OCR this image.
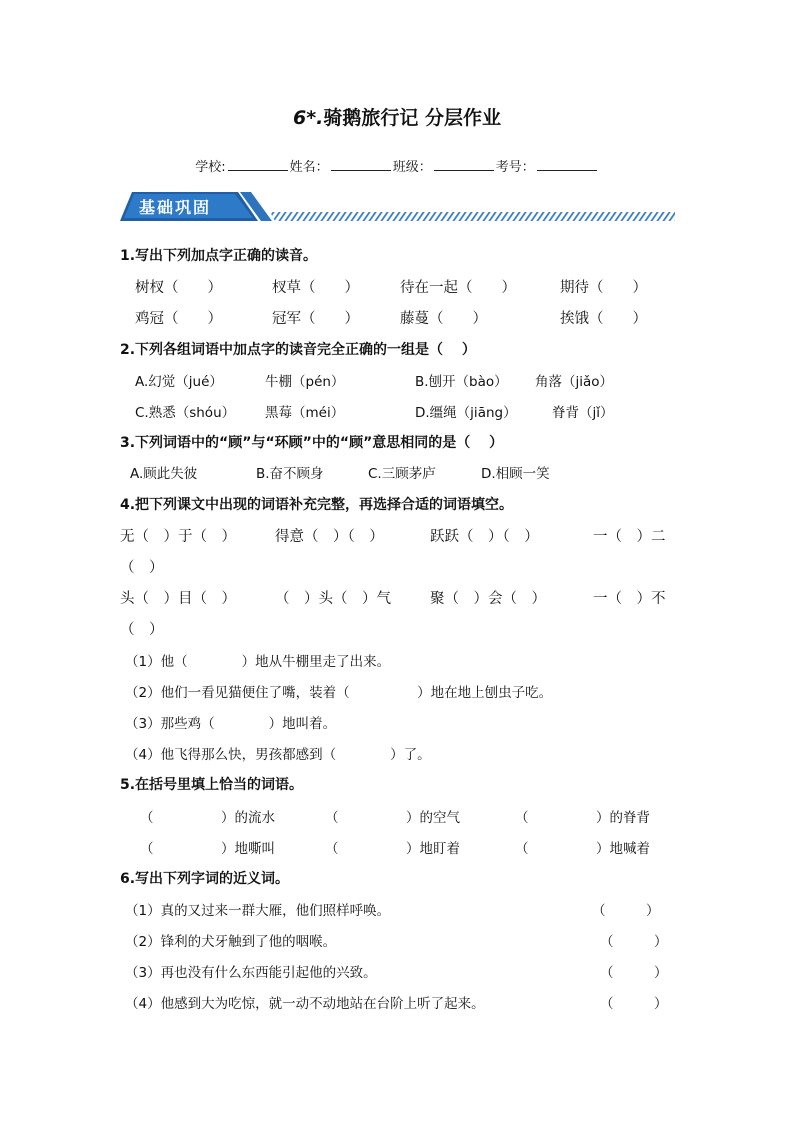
6*.骑鹅旅行记 分层作业
学校:	姓名：	班级：	考号：
基础巩固
1.写出下列加点字正确的读音。
树杈（　　）	杈草（　　）	待在一起（　　）	期待（　　）
鸡冠（　　）	冠军（　　）	藤蔓（　　）	挨饿（　　）
2.下列各组词语中加点字的读音完全正确的一组是（　 ）
A.幻觉（jué）	牛棚（pén）	B.刨开（bào） 角落（jiǎo）
C.熟悉（shóu） 黑莓（méi）	D.缰绳（jiāng）	脊背（jǐ）
3.下列词语中的“顾”与“环顾”中的“顾”意思相同的是（　 ）
A.顾此失彼	B.奋不顾身	C.三顾茅庐	D.相顾一笑
4.把下列课文中出现的词语补充完整，再选择合适的词语填空。
无（　）于（　）	得意（　）（　）	跃跃（　）（　）	一（　）二
（　）
头（　）目（　）	（　）头（　）气	聚（　）会（　）	一（　）不
（　）
（1）他（　　　　）地从牛棚里走了出来。
（2）他们一看见猫便住了嘴，装着（　　　　　）地在地上刨虫子吃。
（3）那些鸡（　　　　）地叫着。
（4）他飞得那么快，男孩都感到（　　　　）了。
5.在括号里填上恰当的词语。
（　　　　　）的流水	（　　　　　）的空气	（　　　　　）的脊背
（　　　　　）地嘶叫	（　　　　　）地盯着	（　　　　　）地喊着
6.写出下列字词的近义词。
（1）真的又过来一群大雁，他们照样呼唤。	（　　　）
（2）锋利的犬牙触到了他的咽喉。	（　　　）
（3）再也没有什么东西能引起他的兴致。	（　　　）
（4）他感到大为吃惊，就一动不动地站在台阶上听了起来。	（　　　）
